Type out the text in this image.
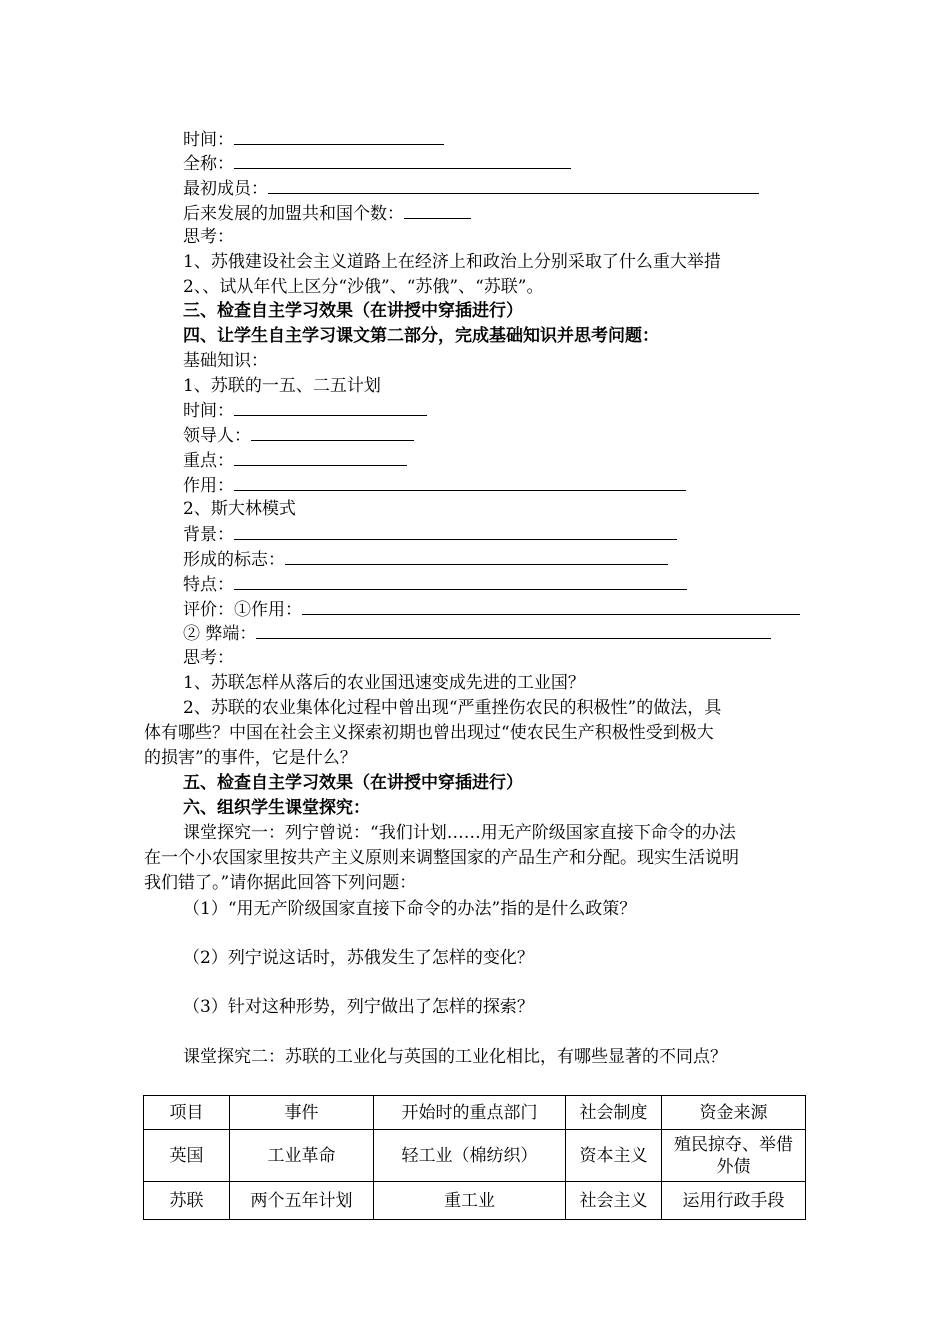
时间：
全称：
最初成员：
后来发展的加盟共和国个数：
思考：
1、苏俄建设社会主义道路上在经济上和政治上分别采取了什么重大举措
2、、试从年代上区分“沙俄”、“苏俄”、“苏联”。
三、检查自主学习效果（在讲授中穿插进行）
四、让学生自主学习课文第二部分，完成基础知识并思考问题：
基础知识：
1、苏联的一五、二五计划
时间：
领导人：
重点：
作用：
2、斯大林模式
背景：
形成的标志：
特点：
评价：①作用：
② 弊端：
思考：
1、苏联怎样从落后的农业国迅速变成先进的工业国？
2、苏联的农业集体化过程中曾出现“严重挫伤农民的积极性”的做法，具
体有哪些？中国在社会主义探索初期也曾出现过“使农民生产积极性受到极大
的损害”的事件，它是什么？
五、检查自主学习效果（在讲授中穿插进行）
六、组织学生课堂探究：
课堂探究一：列宁曾说：“我们计划……用无产阶级国家直接下命令的办法
在一个小农国家里按共产主义原则来调整国家的产品生产和分配。现实生活说明
我们错了。”请你据此回答下列问题：
（1）“用无产阶级国家直接下命令的办法”指的是什么政策？
（2）列宁说这话时，苏俄发生了怎样的变化？
（3）针对这种形势，列宁做出了怎样的探索？
课堂探究二：苏联的工业化与英国的工业化相比，有哪些显著的不同点？
项目	事件	开始时的重点部门	社会制度	资金来源
英国	工业革命	轻工业（棉纺织）	资本主义	殖民掠夺、举借外债
苏联	两个五年计划	重工业	社会主义	运用行政手段
